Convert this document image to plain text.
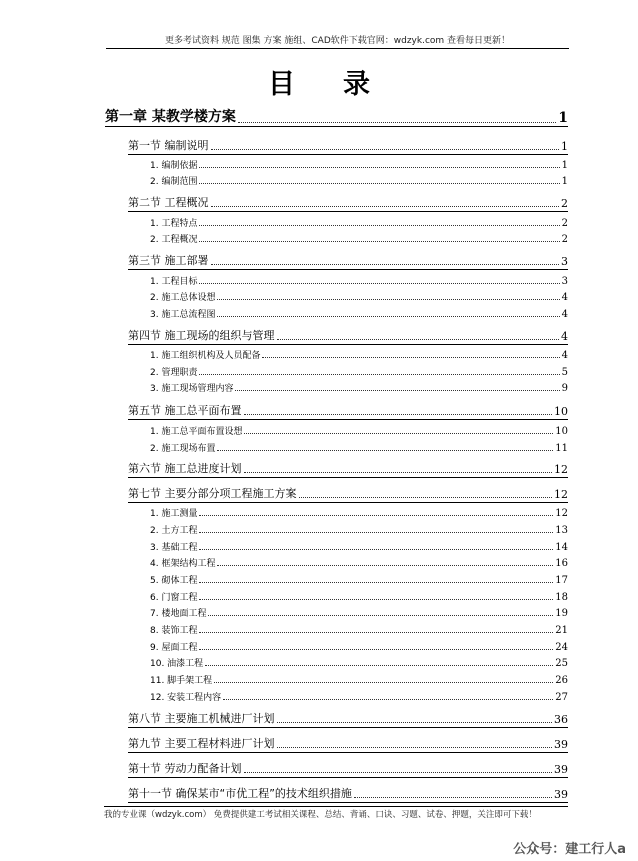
更多考试资料 规范 图集 方案 施组、CAD软件下载官网：wdzyk.com 查看每日更新！
目录
第一章 某教学楼方案	1
第一节 编制说明	1
1. 编制依据	1
2. 编制范围	1
第二节 工程概况	2
1. 工程特点	2
2. 工程概况	2
第三节 施工部署	3
1. 工程目标	3
2. 施工总体设想	4
3. 施工总流程图	4
第四节 施工现场的组织与管理	4
1. 施工组织机构及人员配备	4
2. 管理职责	5
3. 施工现场管理内容	9
第五节 施工总平面布置	10
1. 施工总平面布置设想	10
2. 施工现场布置	11
第六节 施工总进度计划	12
第七节 主要分部分项工程施工方案	12
1. 施工测量	12
2. 土方工程	13
3. 基础工程	14
4. 框架结构工程	16
5. 砌体工程	17
6. 门窗工程	18
7. 楼地面工程	19
8. 装饰工程	21
9. 屋面工程	24
10. 油漆工程	25
11. 脚手架工程	26
12. 安装工程内容	27
第八节 主要施工机械进厂计划	36
第九节 主要工程材料进厂计划	39
第十节 劳动力配备计划	39
第十一节 确保某市“市优工程”的技术组织措施	39
我的专业课（wdzyk.com） 免费提供建工考试相关课程、总结、背诵、口诀、习题、试卷、押题，关注即可下载！
公众号：建工行人a
